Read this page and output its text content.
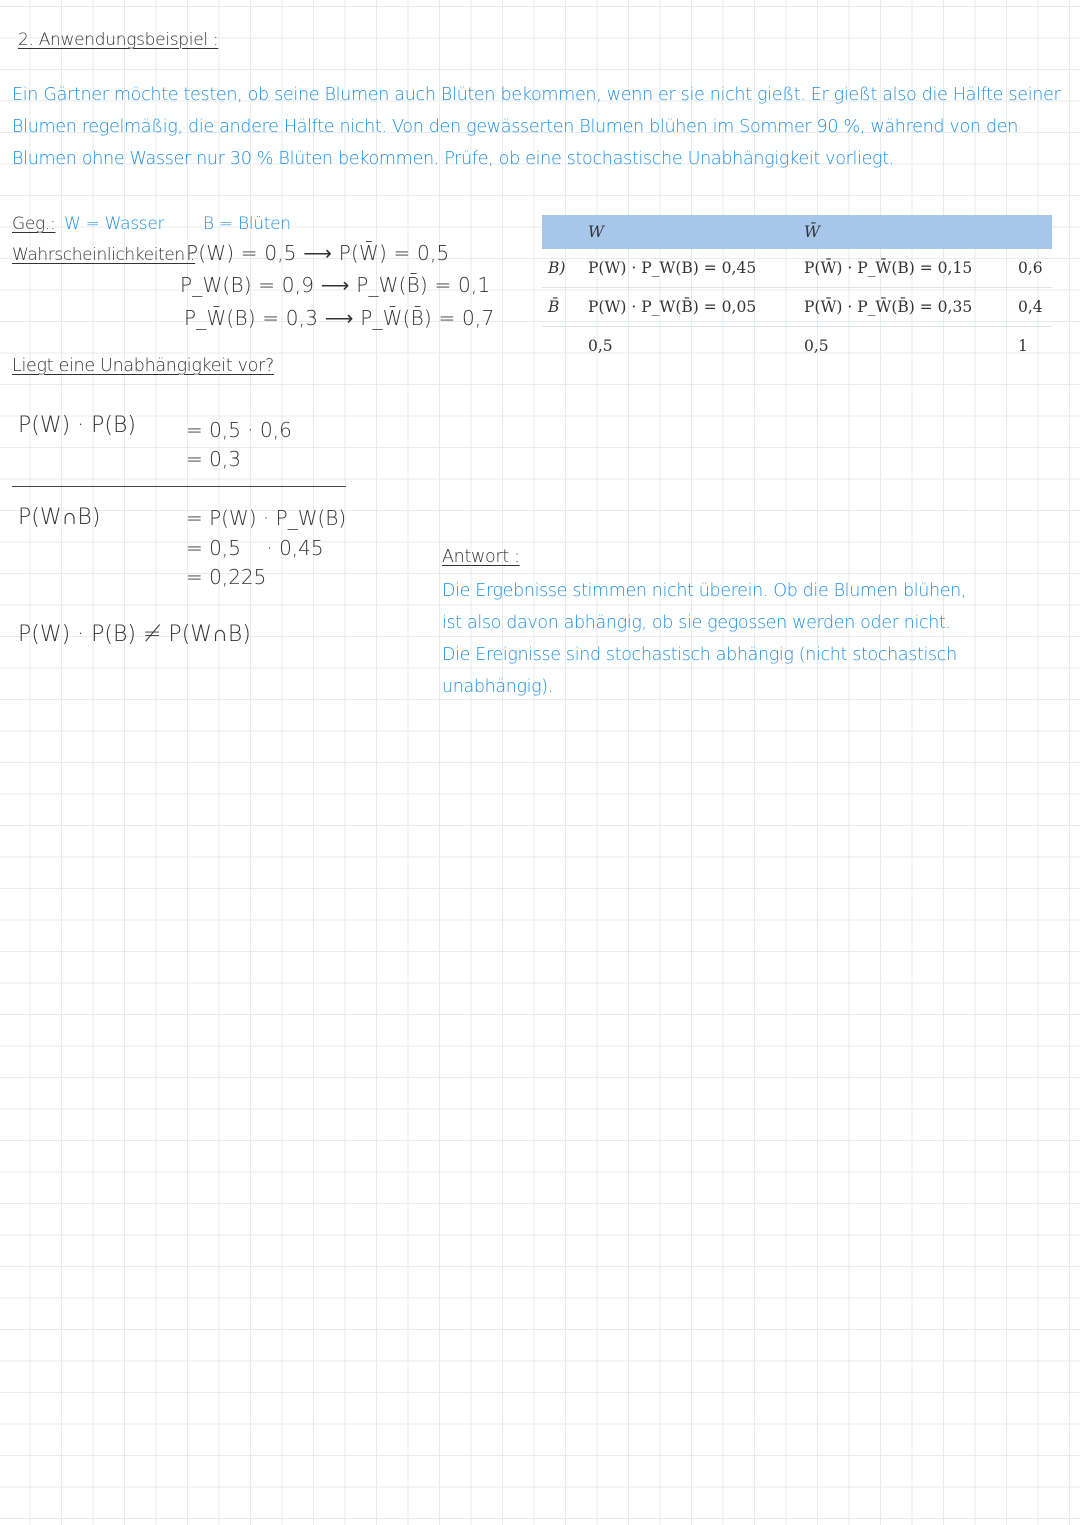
2. Anwendungsbeispiel :
Ein Gärtner möchte testen, ob seine Blumen auch Blüten bekommen, wenn er sie nicht gießt. Er gießt also die Hälfte seiner Blumen regelmäßig, die andere Hälfte nicht. Von den gewässerten Blumen blühen im Sommer 90 %, während von den Blumen ohne Wasser nur 30 % Blüten bekommen. Prüfe, ob eine stochastische Unabhängigkeit vorliegt.
Geg.: W = Wasser B = Blüten
Wahrscheinlichkeiten :
P(W) = 0,5 ⟶ P(W̄) = 0,5
P_W(B) = 0,9 ⟶ P_W(B̄) = 0,1
P_W̄(B) = 0,3 ⟶ P_W̄(B̄) = 0,7
	W	W̄	
B)	P(W) · P_W(B) = 0,45	P(W̄) · P_W̄(B) = 0,15	0,6
B̄	P(W) · P_W(B̄) = 0,05	P(W̄) · P_W̄(B̄) = 0,35	0,4
	0,5	0,5	1
Liegt eine Unabhängigkeit vor?
P(W) · P(B) = 0,5 · 0,6
= 0,3
P(W∩B)	= P(W) · P_W(B)
= 0,5    · 0,45
= 0,225
P(W) · P(B) ≠ P(W∩B)
Antwort :
Die Ergebnisse stimmen nicht überein. Ob die Blumen blühen, ist also davon abhängig, ob sie gegossen werden oder nicht. Die Ereignisse sind stochastisch abhängig (nicht stochastisch unabhängig).
